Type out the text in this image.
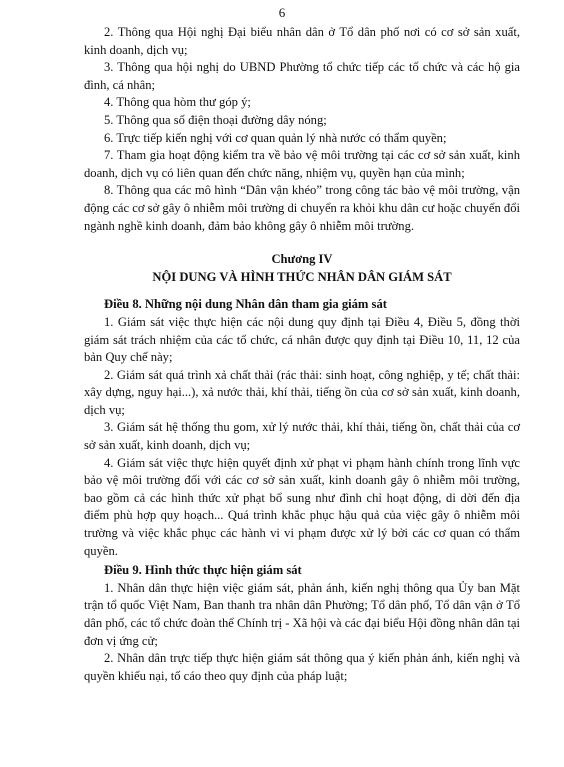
6

2. Thông qua Hội nghị Đại biểu nhân dân ở Tổ dân phố nơi có cơ sở sản xuất, kinh doanh, dịch vụ;

3. Thông qua hội nghị do UBND Phường tổ chức tiếp các tổ chức và các hộ gia đình, cá nhân;

4. Thông qua hòm thư góp ý;

5. Thông qua số điện thoại đường dây nóng;

6. Trực tiếp kiến nghị với cơ quan quản lý nhà nước có thẩm quyền;

7. Tham gia hoạt động kiểm tra về bảo vệ môi trường tại các cơ sở sản xuất, kinh doanh, dịch vụ có liên quan đến chức năng, nhiệm vụ, quyền hạn của mình;

8. Thông qua các mô hình “Dân vận khéo” trong công tác bảo vệ môi trường, vận động các cơ sở gây ô nhiễm môi trường di chuyển ra khỏi khu dân cư hoặc chuyển đổi ngành nghề kinh doanh, đảm bảo không gây ô nhiễm môi trường.

Chương IV

NỘI DUNG VÀ HÌNH THỨC NHÂN DÂN GIÁM SÁT

Điều 8. Những nội dung Nhân dân tham gia giám sát

1. Giám sát việc thực hiện các nội dung quy định tại Điều 4, Điều 5, đồng thời giám sát trách nhiệm của các tổ chức, cá nhân được quy định tại Điều 10, 11, 12 của bản Quy chế này;

2. Giám sát quá trình xả chất thải (rác thải: sinh hoạt, công nghiệp, y tế; chất thải: xây dựng, nguy hại...), xả nước thải, khí thải, tiếng ồn của cơ sở sản xuất, kinh doanh, dịch vụ;

3. Giám sát hệ thống thu gom, xử lý nước thải, khí thải, tiếng ồn, chất thải của cơ sở sản xuất, kinh doanh, dịch vụ;

4. Giám sát việc thực hiện quyết định xử phạt vi phạm hành chính trong lĩnh vực bảo vệ môi trường đối với các cơ sở sản xuất, kinh doanh gây ô nhiễm môi trường, bao gồm cả các hình thức xử phạt bổ sung như đình chỉ hoạt động, di dời đến địa điểm phù hợp quy hoạch... Quá trình khắc phục hậu quả của việc gây ô nhiễm môi trường và việc khắc phục các hành vi vi phạm được xử lý bởi các cơ quan có thẩm quyền.

Điều 9. Hình thức thực hiện giám sát

1. Nhân dân thực hiện việc giám sát, phản ánh, kiến nghị thông qua Ủy ban Mặt trận tổ quốc Việt Nam, Ban thanh tra nhân dân Phường; Tổ dân phố, Tổ dân vận ở Tổ dân phố, các tổ chức đoàn thể Chính trị - Xã hội và các đại biểu Hội đồng nhân dân tại đơn vị ứng cử;

2. Nhân dân trực tiếp thực hiện giám sát thông qua ý kiến phản ánh, kiến nghị và quyền khiếu nại, tố cáo theo quy định của pháp luật;
